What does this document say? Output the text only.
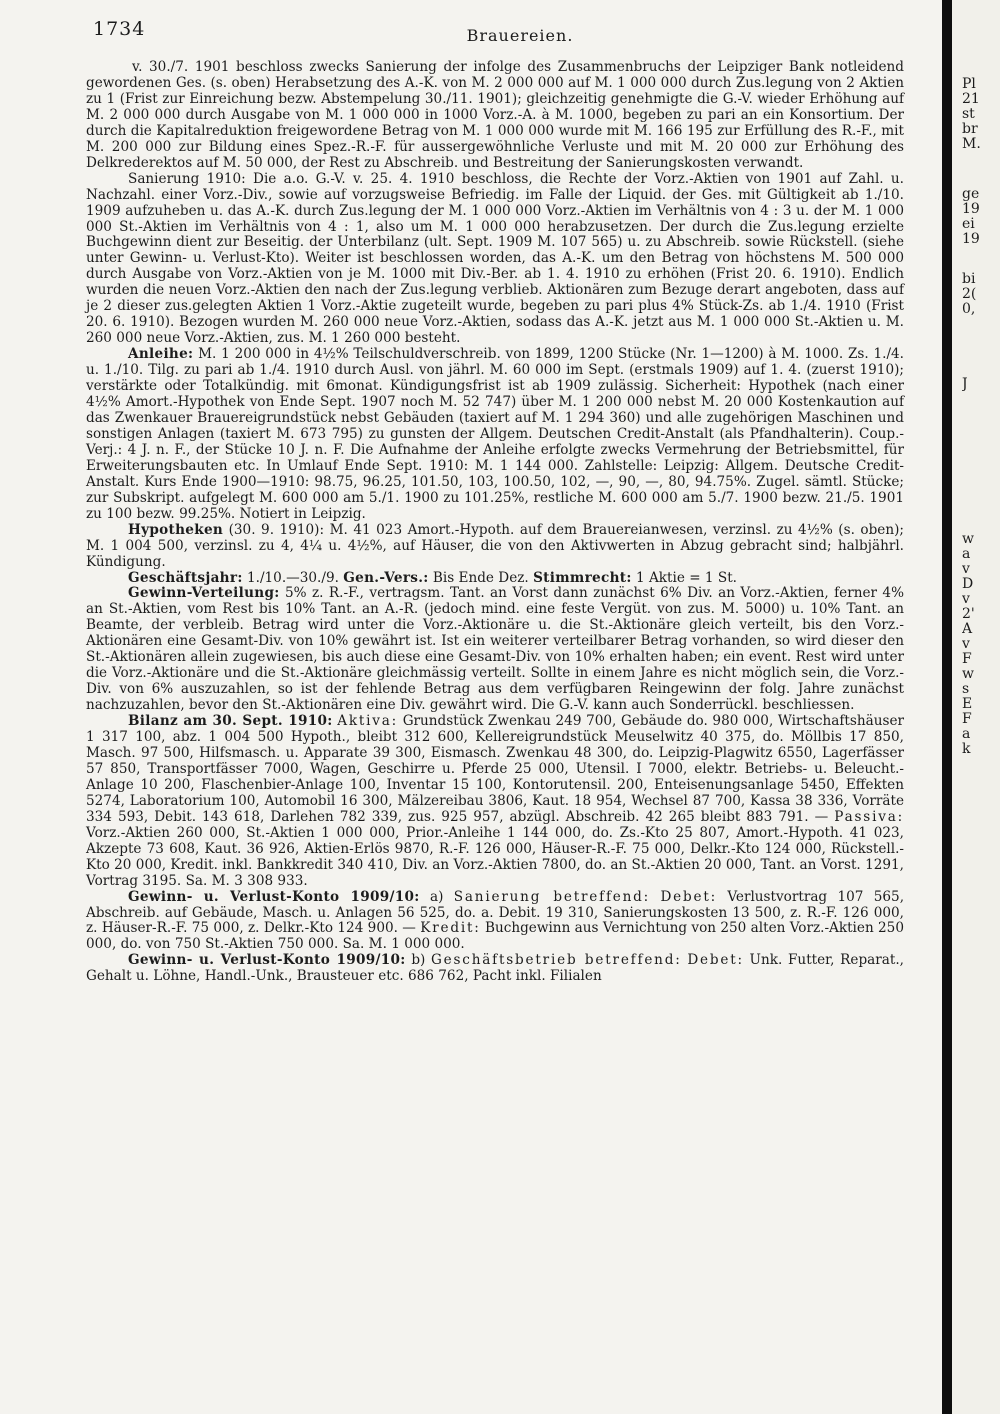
1734	Brauereien.

v. 30./7. 1901 beschloss zwecks Sanierung der infolge des Zusammenbruchs der Leipziger Bank notleidend gewordenen Ges. (s. oben) Herabsetzung des A.-K. von M. 2 000 000 auf M. 1 000 000 durch Zus.legung von 2 Aktien zu 1 (Frist zur Einreichung bezw. Abstempelung 30./11. 1901); gleichzeitig genehmigte die G.-V. wieder Erhöhung auf M. 2 000 000 durch Ausgabe von M. 1 000 000 in 1000 Vorz.-A. à M. 1000, begeben zu pari an ein Konsortium. Der durch die Kapitalreduktion freigewordene Betrag von M. 1 000 000 wurde mit M. 166 195 zur Erfüllung des R.-F., mit M. 200 000 zur Bildung eines Spez.-R.-F. für aussergewöhnliche Verluste und mit M. 20 000 zur Erhöhung des Delkrederektos auf M. 50 000, der Rest zu Abschreib. und Bestreitung der Sanierungskosten verwandt.

Sanierung 1910: Die a.o. G.-V. v. 25. 4. 1910 beschloss, die Rechte der Vorz.-Aktien von 1901 auf Zahl. u. Nachzahl. einer Vorz.-Div., sowie auf vorzugsweise Befriedig. im Falle der Liquid. der Ges. mit Gültigkeit ab 1./10. 1909 aufzuheben u. das A.-K. durch Zus.legung der M. 1 000 000 Vorz.-Aktien im Verhältnis von 4 : 3 u. der M. 1 000 000 St.-Aktien im Verhältnis von 4 : 1, also um M. 1 000 000 herabzusetzen. Der durch die Zus.legung erzielte Buchgewinn dient zur Beseitig. der Unterbilanz (ult. Sept. 1909 M. 107 565) u. zu Abschreib. sowie Rückstell. (siehe unter Gewinn- u. Verlust-Kto). Weiter ist beschlossen worden, das A.-K. um den Betrag von höchstens M. 500 000 durch Ausgabe von Vorz.-Aktien von je M. 1000 mit Div.-Ber. ab 1. 4. 1910 zu erhöhen (Frist 20. 6. 1910). Endlich wurden die neuen Vorz.-Aktien den nach der Zus.legung verblieb. Aktionären zum Bezuge derart angeboten, dass auf je 2 dieser zus.gelegten Aktien 1 Vorz.-Aktie zugeteilt wurde, begeben zu pari plus 4% Stück-Zs. ab 1./4. 1910 (Frist 20. 6. 1910). Bezogen wurden M. 260 000 neue Vorz.-Aktien, sodass das A.-K. jetzt aus M. 1 000 000 St.-Aktien u. M. 260 000 neue Vorz.-Aktien, zus. M. 1 260 000 besteht.

Anleihe: M. 1 200 000 in 4½% Teilschuldverschreib. von 1899, 1200 Stücke (Nr. 1—1200) à M. 1000. Zs. 1./4. u. 1./10. Tilg. zu pari ab 1./4. 1910 durch Ausl. von jährl. M. 60 000 im Sept. (erstmals 1909) auf 1. 4. (zuerst 1910); verstärkte oder Totalkündig. mit 6monat. Kündigungsfrist ist ab 1909 zulässig. Sicherheit: Hypothek (nach einer 4½% Amort.-Hypothek von Ende Sept. 1907 noch M. 52 747) über M. 1 200 000 nebst M. 20 000 Kostenkaution auf das Zwenkauer Brauereigrundstück nebst Gebäuden (taxiert auf M. 1 294 360) und alle zugehörigen Maschinen und sonstigen Anlagen (taxiert M. 673 795) zu gunsten der Allgem. Deutschen Credit-Anstalt (als Pfandhalterin). Coup.-Verj.: 4 J. n. F., der Stücke 10 J. n. F. Die Aufnahme der Anleihe erfolgte zwecks Vermehrung der Betriebsmittel, für Erweiterungsbauten etc. In Umlauf Ende Sept. 1910: M. 1 144 000. Zahlstelle: Leipzig: Allgem. Deutsche Credit-Anstalt. Kurs Ende 1900—1910: 98.75, 96.25, 101.50, 103, 100.50, 102, —, 90, —, 80, 94.75%. Zugel. sämtl. Stücke; zur Subskript. aufgelegt M. 600 000 am 5./1. 1900 zu 101.25%, restliche M. 600 000 am 5./7. 1900 bezw. 21./5. 1901 zu 100 bezw. 99.25%. Notiert in Leipzig.

Hypotheken (30. 9. 1910): M. 41 023 Amort.-Hypoth. auf dem Brauereianwesen, verzinsl. zu 4½% (s. oben); M. 1 004 500, verzinsl. zu 4, 4¼ u. 4½%, auf Häuser, die von den Aktivwerten in Abzug gebracht sind; halbjährl. Kündigung.

Geschäftsjahr: 1./10.—30./9. Gen.-Vers.: Bis Ende Dez. Stimmrecht: 1 Aktie = 1 St.

Gewinn-Verteilung: 5% z. R.-F., vertragsm. Tant. an Vorst dann zunächst 6% Div. an Vorz.-Aktien, ferner 4% an St.-Aktien, vom Rest bis 10% Tant. an A.-R. (jedoch mind. eine feste Vergüt. von zus. M. 5000) u. 10% Tant. an Beamte, der verbleib. Betrag wird unter die Vorz.-Aktionäre u. die St.-Aktionäre gleich verteilt, bis den Vorz.-Aktionären eine Gesamt-Div. von 10% gewährt ist. Ist ein weiterer verteilbarer Betrag vorhanden, so wird dieser den St.-Aktionären allein zugewiesen, bis auch diese eine Gesamt-Div. von 10% erhalten haben; ein event. Rest wird unter die Vorz.-Aktionäre und die St.-Aktionäre gleichmässig verteilt. Sollte in einem Jahre es nicht möglich sein, die Vorz.-Div. von 6% auszuzahlen, so ist der fehlende Betrag aus dem verfügbaren Reingewinn der folg. Jahre zunächst nachzuzahlen, bevor den St.-Aktionären eine Div. gewährt wird. Die G.-V. kann auch Sonderrückl. beschliessen.

Bilanz am 30. Sept. 1910: Aktiva: Grundstück Zwenkau 249 700, Gebäude do. 980 000, Wirtschaftshäuser 1 317 100, abz. 1 004 500 Hypoth., bleibt 312 600, Kellereigrundstück Meuselwitz 40 375, do. Möllbis 17 850, Masch. 97 500, Hilfsmasch. u. Apparate 39 300, Eismasch. Zwenkau 48 300, do. Leipzig-Plagwitz 6550, Lagerfässer 57 850, Transportfässer 7000, Wagen, Geschirre u. Pferde 25 000, Utensil. I 7000, elektr. Betriebs- u. Beleucht.-Anlage 10 200, Flaschenbier-Anlage 100, Inventar 15 100, Kontorutensil. 200, Enteisenungsanlage 5450, Effekten 5274, Laboratorium 100, Automobil 16 300, Mälzereibau 3806, Kaut. 18 954, Wechsel 87 700, Kassa 38 336, Vorräte 334 593, Debit. 143 618, Darlehen 782 339, zus. 925 957, abzügl. Abschreib. 42 265 bleibt 883 791. — Passiva: Vorz.-Aktien 260 000, St.-Aktien 1 000 000, Prior.-Anleihe 1 144 000, do. Zs.-Kto 25 807, Amort.-Hypoth. 41 023, Akzepte 73 608, Kaut. 36 926, Aktien-Erlös 9870, R.-F. 126 000, Häuser-R.-F. 75 000, Delkr.-Kto 124 000, Rückstell.-Kto 20 000, Kredit. inkl. Bankkredit 340 410, Div. an Vorz.-Aktien 7800, do. an St.-Aktien 20 000, Tant. an Vorst. 1291, Vortrag 3195. Sa. M. 3 308 933.

Gewinn- u. Verlust-Konto 1909/10: a) Sanierung betreffend: Debet: Verlustvortrag 107 565, Abschreib. auf Gebäude, Masch. u. Anlagen 56 525, do. a. Debit. 19 310, Sanierungskosten 13 500, z. R.-F. 126 000, z. Häuser-R.-F. 75 000, z. Delkr.-Kto 124 900. — Kredit: Buchgewinn aus Vernichtung von 250 alten Vorz.-Aktien 250 000, do. von 750 St.-Aktien 750 000. Sa. M. 1 000 000.

Gewinn- u. Verlust-Konto 1909/10: b) Geschäftsbetrieb betreffend: Debet: Unk. Futter, Reparat., Gehalt u. Löhne, Handl.-Unk., Brausteuer etc. 686 762, Pacht inkl. Filialen

Pl
21
st
br
M.
ge
19
ei
19
bi
2(
0,
J
w
a
v
D
v
2'
A
v
F
w
s
E
F
a
k
